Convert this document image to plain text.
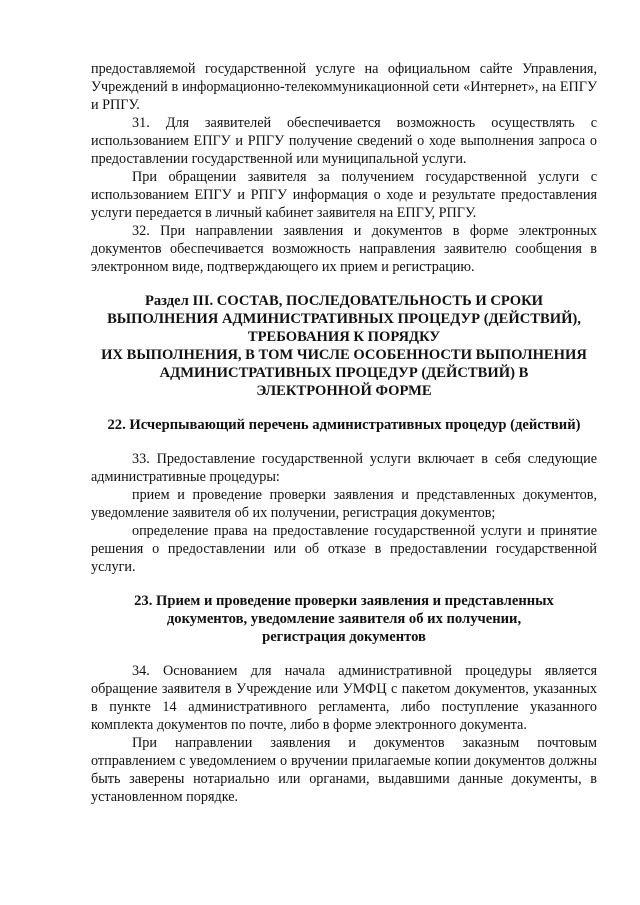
предоставляемой государственной услуге на официальном сайте Управления, Учреждений в информационно-телекоммуникационной сети «Интернет», на ЕПГУ и РПГУ.

31. Для заявителей обеспечивается возможность осуществлять с использованием ЕПГУ и РПГУ получение сведений о ходе выполнения запроса о предоставлении государственной или муниципальной услуги.

При обращении заявителя за получением государственной услуги с использованием ЕПГУ и РПГУ информация о ходе и результате предоставления услуги передается в личный кабинет заявителя на ЕПГУ, РПГУ.

32. При направлении заявления и документов в форме электронных документов обеспечивается возможность направления заявителю сообщения в электронном виде, подтверждающего их прием и регистрацию.

Раздел III. СОСТАВ, ПОСЛЕДОВАТЕЛЬНОСТЬ И СРОКИ

ВЫПОЛНЕНИЯ АДМИНИСТРАТИВНЫХ ПРОЦЕДУР (ДЕЙСТВИЙ),

ТРЕБОВАНИЯ К ПОРЯДКУ

ИХ ВЫПОЛНЕНИЯ, В ТОМ ЧИСЛЕ ОСОБЕННОСТИ ВЫПОЛНЕНИЯ

АДМИНИСТРАТИВНЫХ ПРОЦЕДУР (ДЕЙСТВИЙ) В

ЭЛЕКТРОННОЙ ФОРМЕ

22. Исчерпывающий перечень административных процедур (действий)

33. Предоставление государственной услуги включает в себя следующие административные процедуры:

прием и проведение проверки заявления и представленных документов, уведомление заявителя об их получении, регистрация документов;

определение права на предоставление государственной услуги и принятие решения о предоставлении или об отказе в предоставлении государственной услуги.

23. Прием и проведение проверки заявления и представленных

документов, уведомление заявителя об их получении,

регистрация документов

34. Основанием для начала административной процедуры является обращение заявителя в Учреждение или УМФЦ с пакетом документов, указанных в пункте 14 административного регламента, либо поступление указанного комплекта документов по почте, либо в форме электронного документа.

При направлении заявления и документов заказным почтовым отправлением с уведомлением о вручении прилагаемые копии документов должны быть заверены нотариально или органами, выдавшими данные документы, в установленном порядке.
